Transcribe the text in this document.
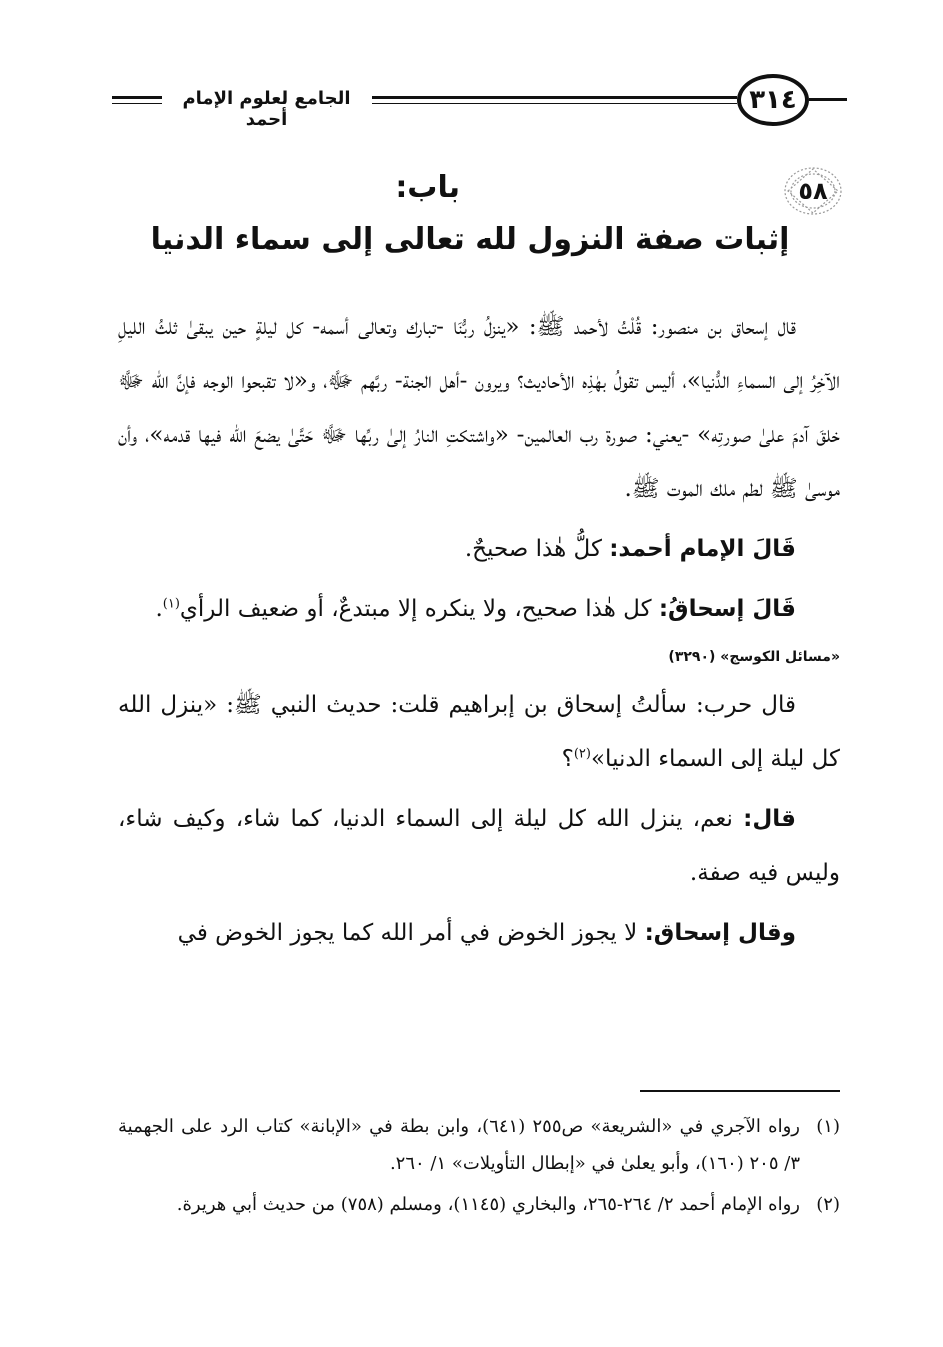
الجامع لعلوم الإمام أحمد
٣١٤
٥٨
باب:
إثبات صفة النزول لله تعالى إلى سماء الدنيا

قال إسحاق بن منصور: قُلْتُ لأحمد ﷺ: «ينزلُ ربُّنَا -تبارك وتعالى أسمه- كل ليلةٍ حين يبقىٰ ثلثُ الليلِ الآخِرُ إلى السماءِ الدُّنيا»، أليس تقولُ بهٰذِه الأحاديث؟ ويرون -أهل الجنة- ربَّهم ﷻ، و«لا تقبحوا الوجه فإنَّ الله ﷻ خلقَ آدمَ علىٰ صورتِه» -يعني: صورة رب العالمين- «واشتكتِ النارُ إلىٰ ربِّها ﷻ حَتَّىٰ يضعَ الله فيها قدمه»، وأن موسىٰ ﷺ لطم ملك الموت ﷺ.

قَالَ الإمام أحمد: كلُّ هٰذا صحيحٌ.

قَالَ إسحاقُ: كل هٰذا صحيح، ولا ينكره إلا مبتدعٌ، أو ضعيف الرأي$^{(١)}$.

«مسائل الكوسج» (٣٢٩٠)

قال حرب: سألتُ إسحاق بن إبراهيم قلت: حديث النبي ﷺ: «ينزل الله كل ليلة إلى السماء الدنيا»$^{(٢)}$؟

قال: نعم، ينزل الله كل ليلة إلى السماء الدنيا، كما شاء، وكيف شاء، وليس فيه صفة.

وقال إسحاق: لا يجوز الخوض في أمر الله كما يجوز الخوض في

(١)
رواه الآجري في «الشريعة» ص٢٥٥ (٦٤١)، وابن بطة في «الإبانة» كتاب الرد على الجهمية ٣/ ٢٠٥ (١٦٠)، وأبو يعلىٰ في «إبطال التأويلات» ١/ ٢٦٠.
(٢)
رواه الإمام أحمد ٢/ ٢٦٤-٢٦٥، والبخاري (١١٤٥)، ومسلم (٧٥٨) من حديث أبي هريرة.
